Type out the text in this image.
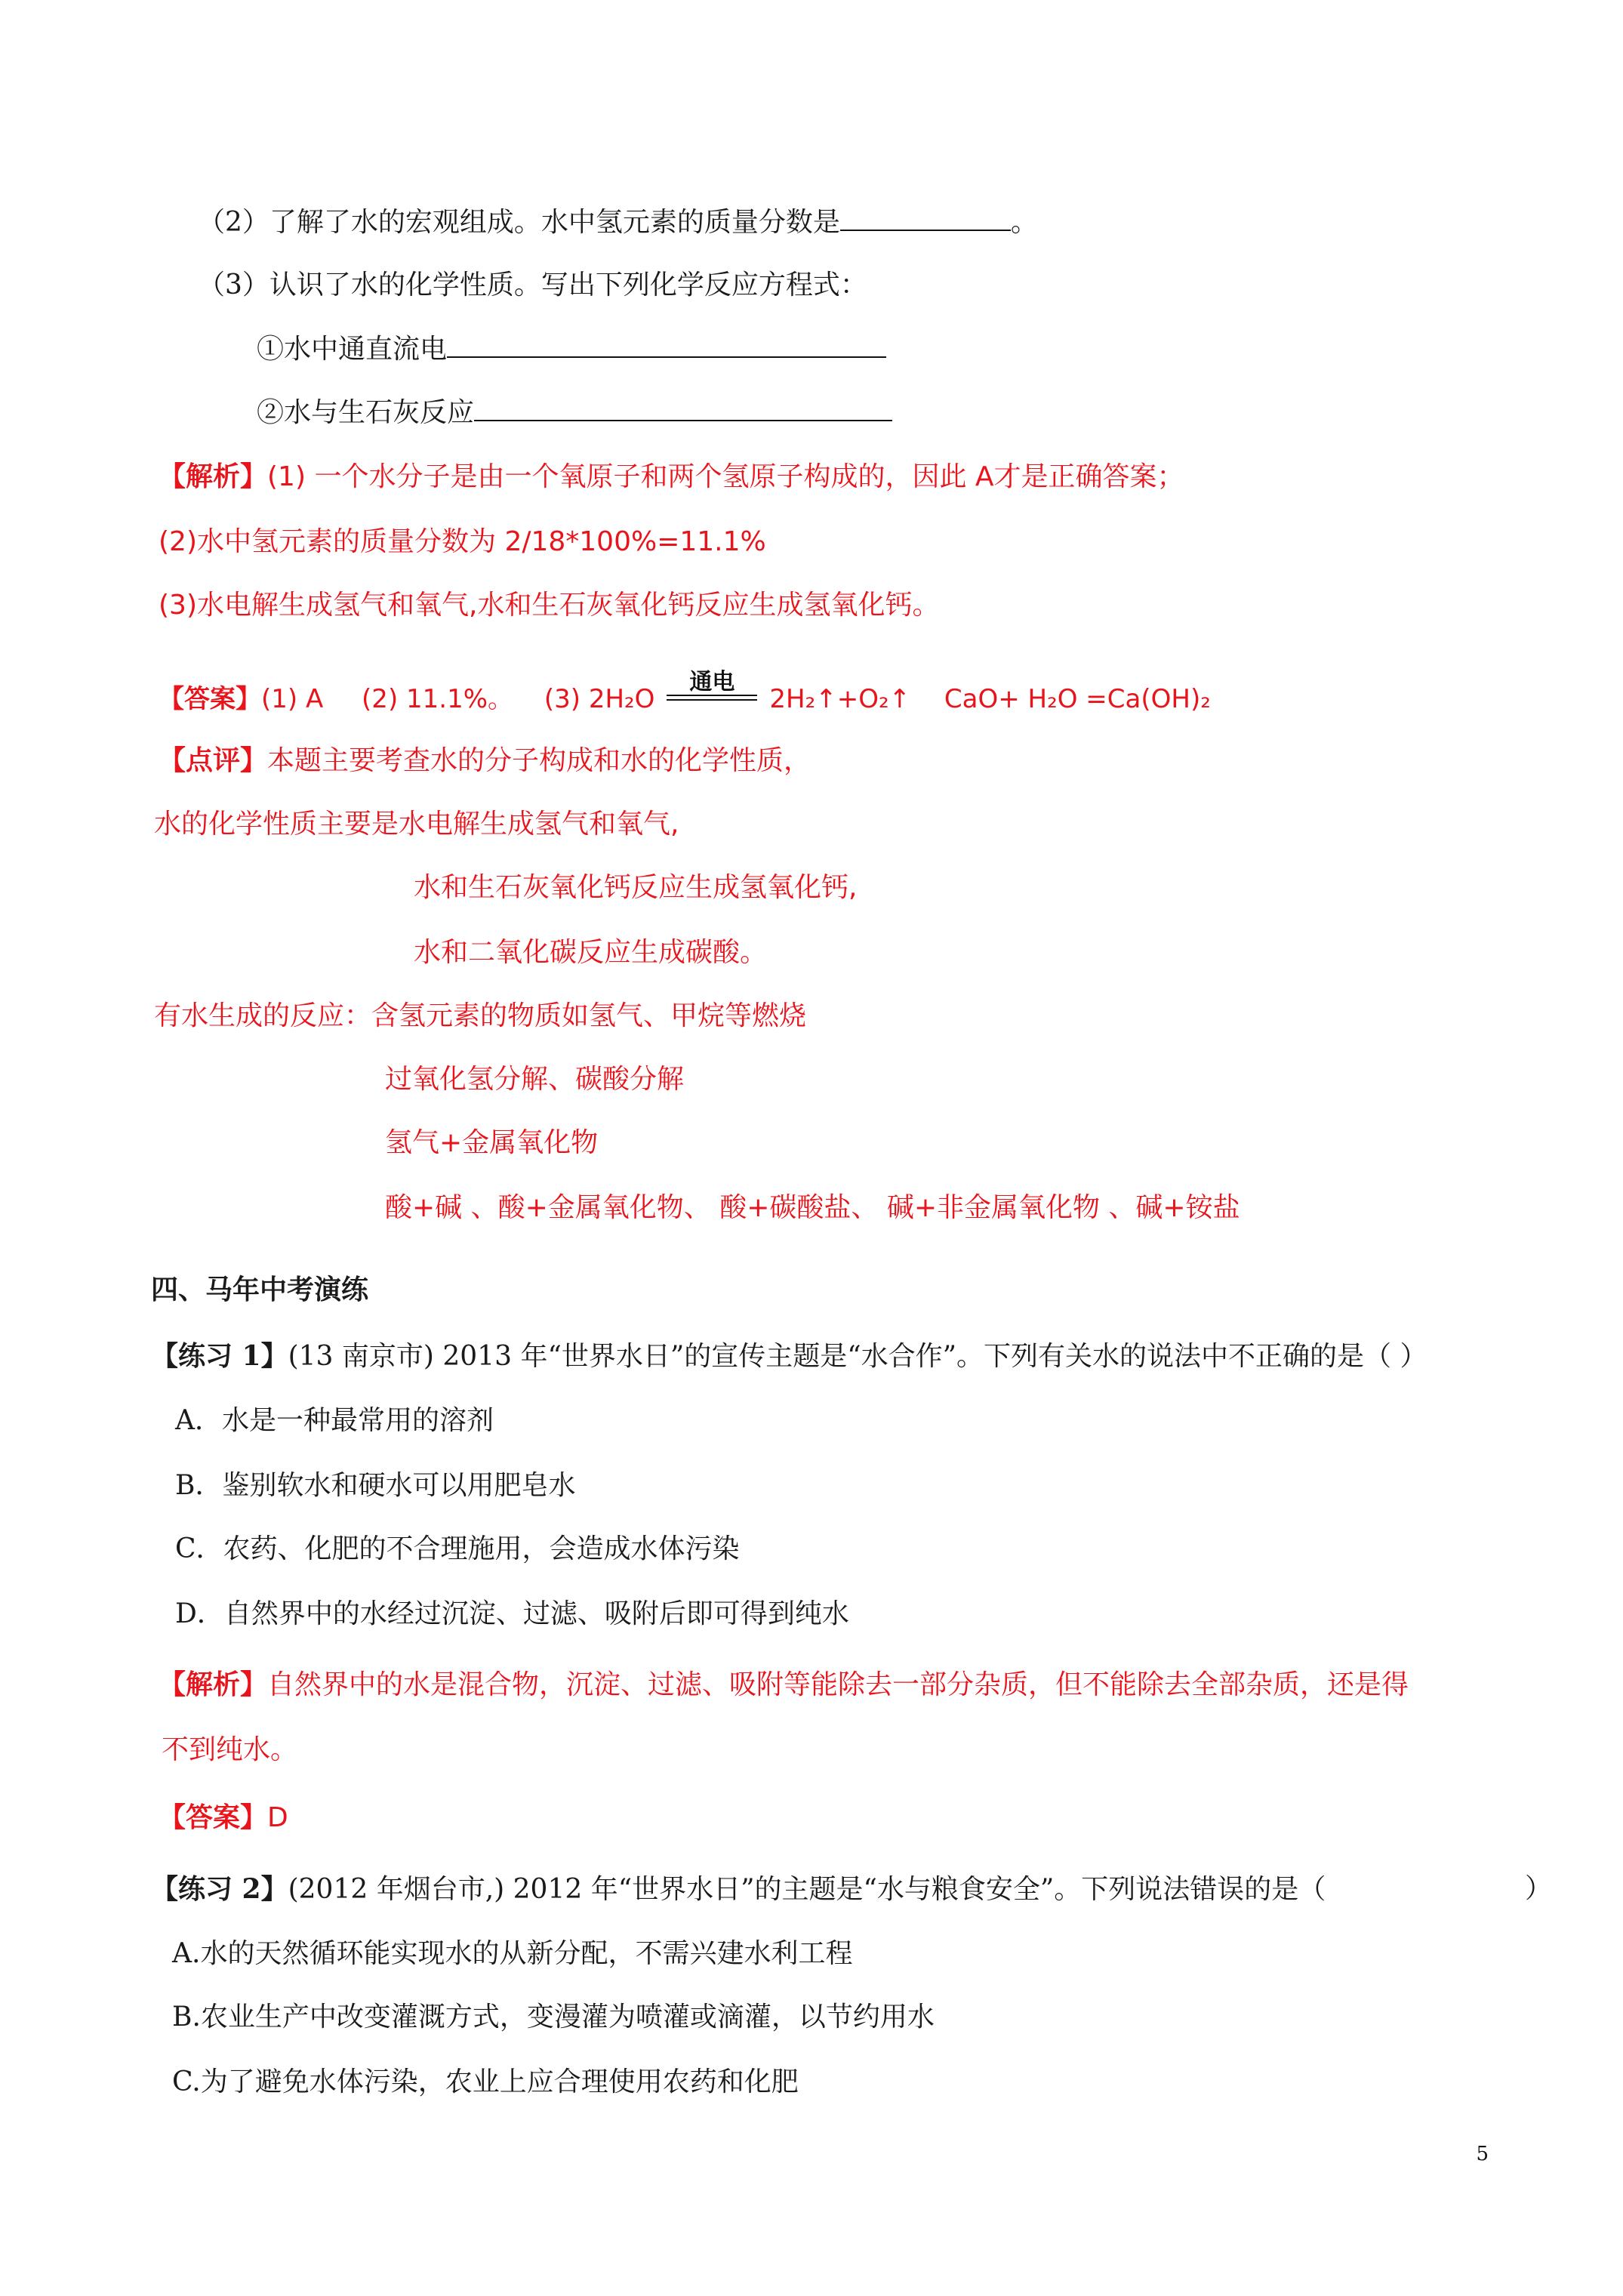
（2）了解了水的宏观组成。水中氢元素的质量分数是	。
（3）认识了水的化学性质。写出下列化学反应方程式：
①水中通直流电
②水与生石灰反应
【解析】(1) 一个水分子是由一个氧原子和两个氢原子构成的，因此 A才是正确答案；
(2)水中氢元素的质量分数为 2/18*100%=11.1%
(3)水电解生成氢气和氧气,水和生石灰氧化钙反应生成氢氧化钙。
【答案】(1) A (2) 11.1%。 (3) 2H₂O
通电
2H₂↑+O₂↑ CaO+ H₂O =Ca(OH)₂
【点评】本题主要考查水的分子构成和水的化学性质，
水的化学性质主要是水电解生成氢气和氧气,
水和生石灰氧化钙反应生成氢氧化钙,
水和二氧化碳反应生成碳酸。
有水生成的反应：含氢元素的物质如氢气、甲烷等燃烧
过氧化氢分解、碳酸分解
氢气+金属氧化物
酸+碱 、酸+金属氧化物、 酸+碳酸盐、 碱+非金属氧化物 、碱+铵盐
四、马年中考演练
【练习 1】(13 南京市) 2013 年“世界水日”的宣传主题是“水合作”。下列有关水的说法中不正确的是（ ）
A．水是一种最常用的溶剂
B．鉴别软水和硬水可以用肥皂水
C．农药、化肥的不合理施用，会造成水体污染
D．自然界中的水经过沉淀、过滤、吸附后即可得到纯水
【解析】自然界中的水是混合物，沉淀、过滤、吸附等能除去一部分杂质，但不能除去全部杂质，还是得
不到纯水。
【答案】D
【练习 2】(2012 年烟台市,) 2012 年“世界水日”的主题是“水与粮食安全”。下列说法错误的是（	）
A.水的天然循环能实现水的从新分配，不需兴建水利工程
B.农业生产中改变灌溉方式，变漫灌为喷灌或滴灌，以节约用水
C.为了避免水体污染，农业上应合理使用农药和化肥
5
